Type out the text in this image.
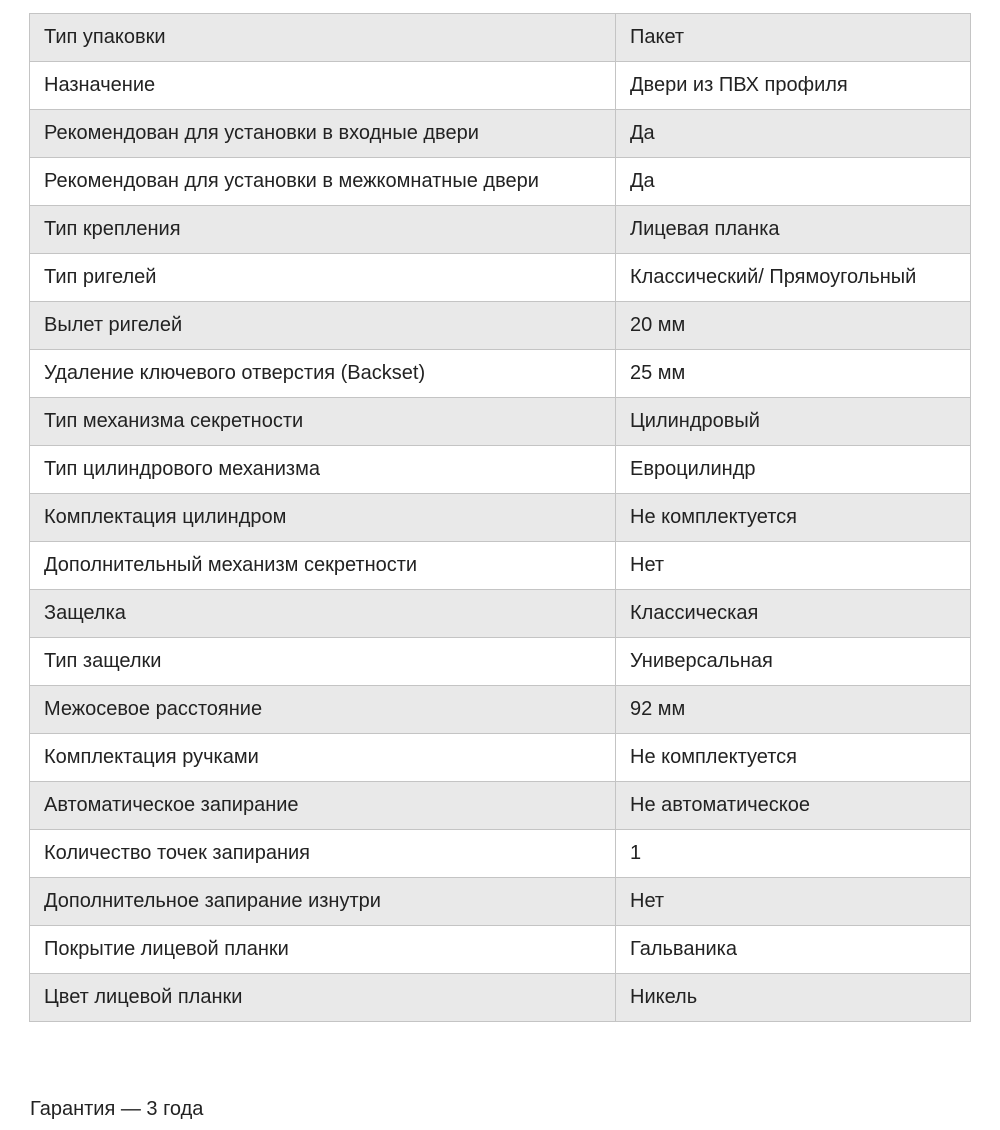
Тип упаковки	Пакет

Назначение	Двери из ПВХ профиля

Рекомендован для установки в входные двери	Да

Рекомендован для установки в межкомнатные двери	Да

Тип крепления	Лицевая планка

Тип ригелей	Классический/ Прямоугольный

Вылет ригелей	20 мм

Удаление ключевого отверстия (Backset)	25 мм

Тип механизма секретности	Цилиндровый

Тип цилиндрового механизма	Евроцилиндр

Комплектация цилиндром	Не комплектуется

Дополнительный механизм секретности	Нет

Защелка	Классическая

Тип защелки	Универсальная

Межосевое расстояние	92 мм

Комплектация ручками	Не комплектуется

Автоматическое запирание	Не автоматическое

Количество точек запирания	1

Дополнительное запирание изнутри	Нет

Покрытие лицевой планки	Гальваника

Цвет лицевой планки	Никель
Гарантия — 3 года
